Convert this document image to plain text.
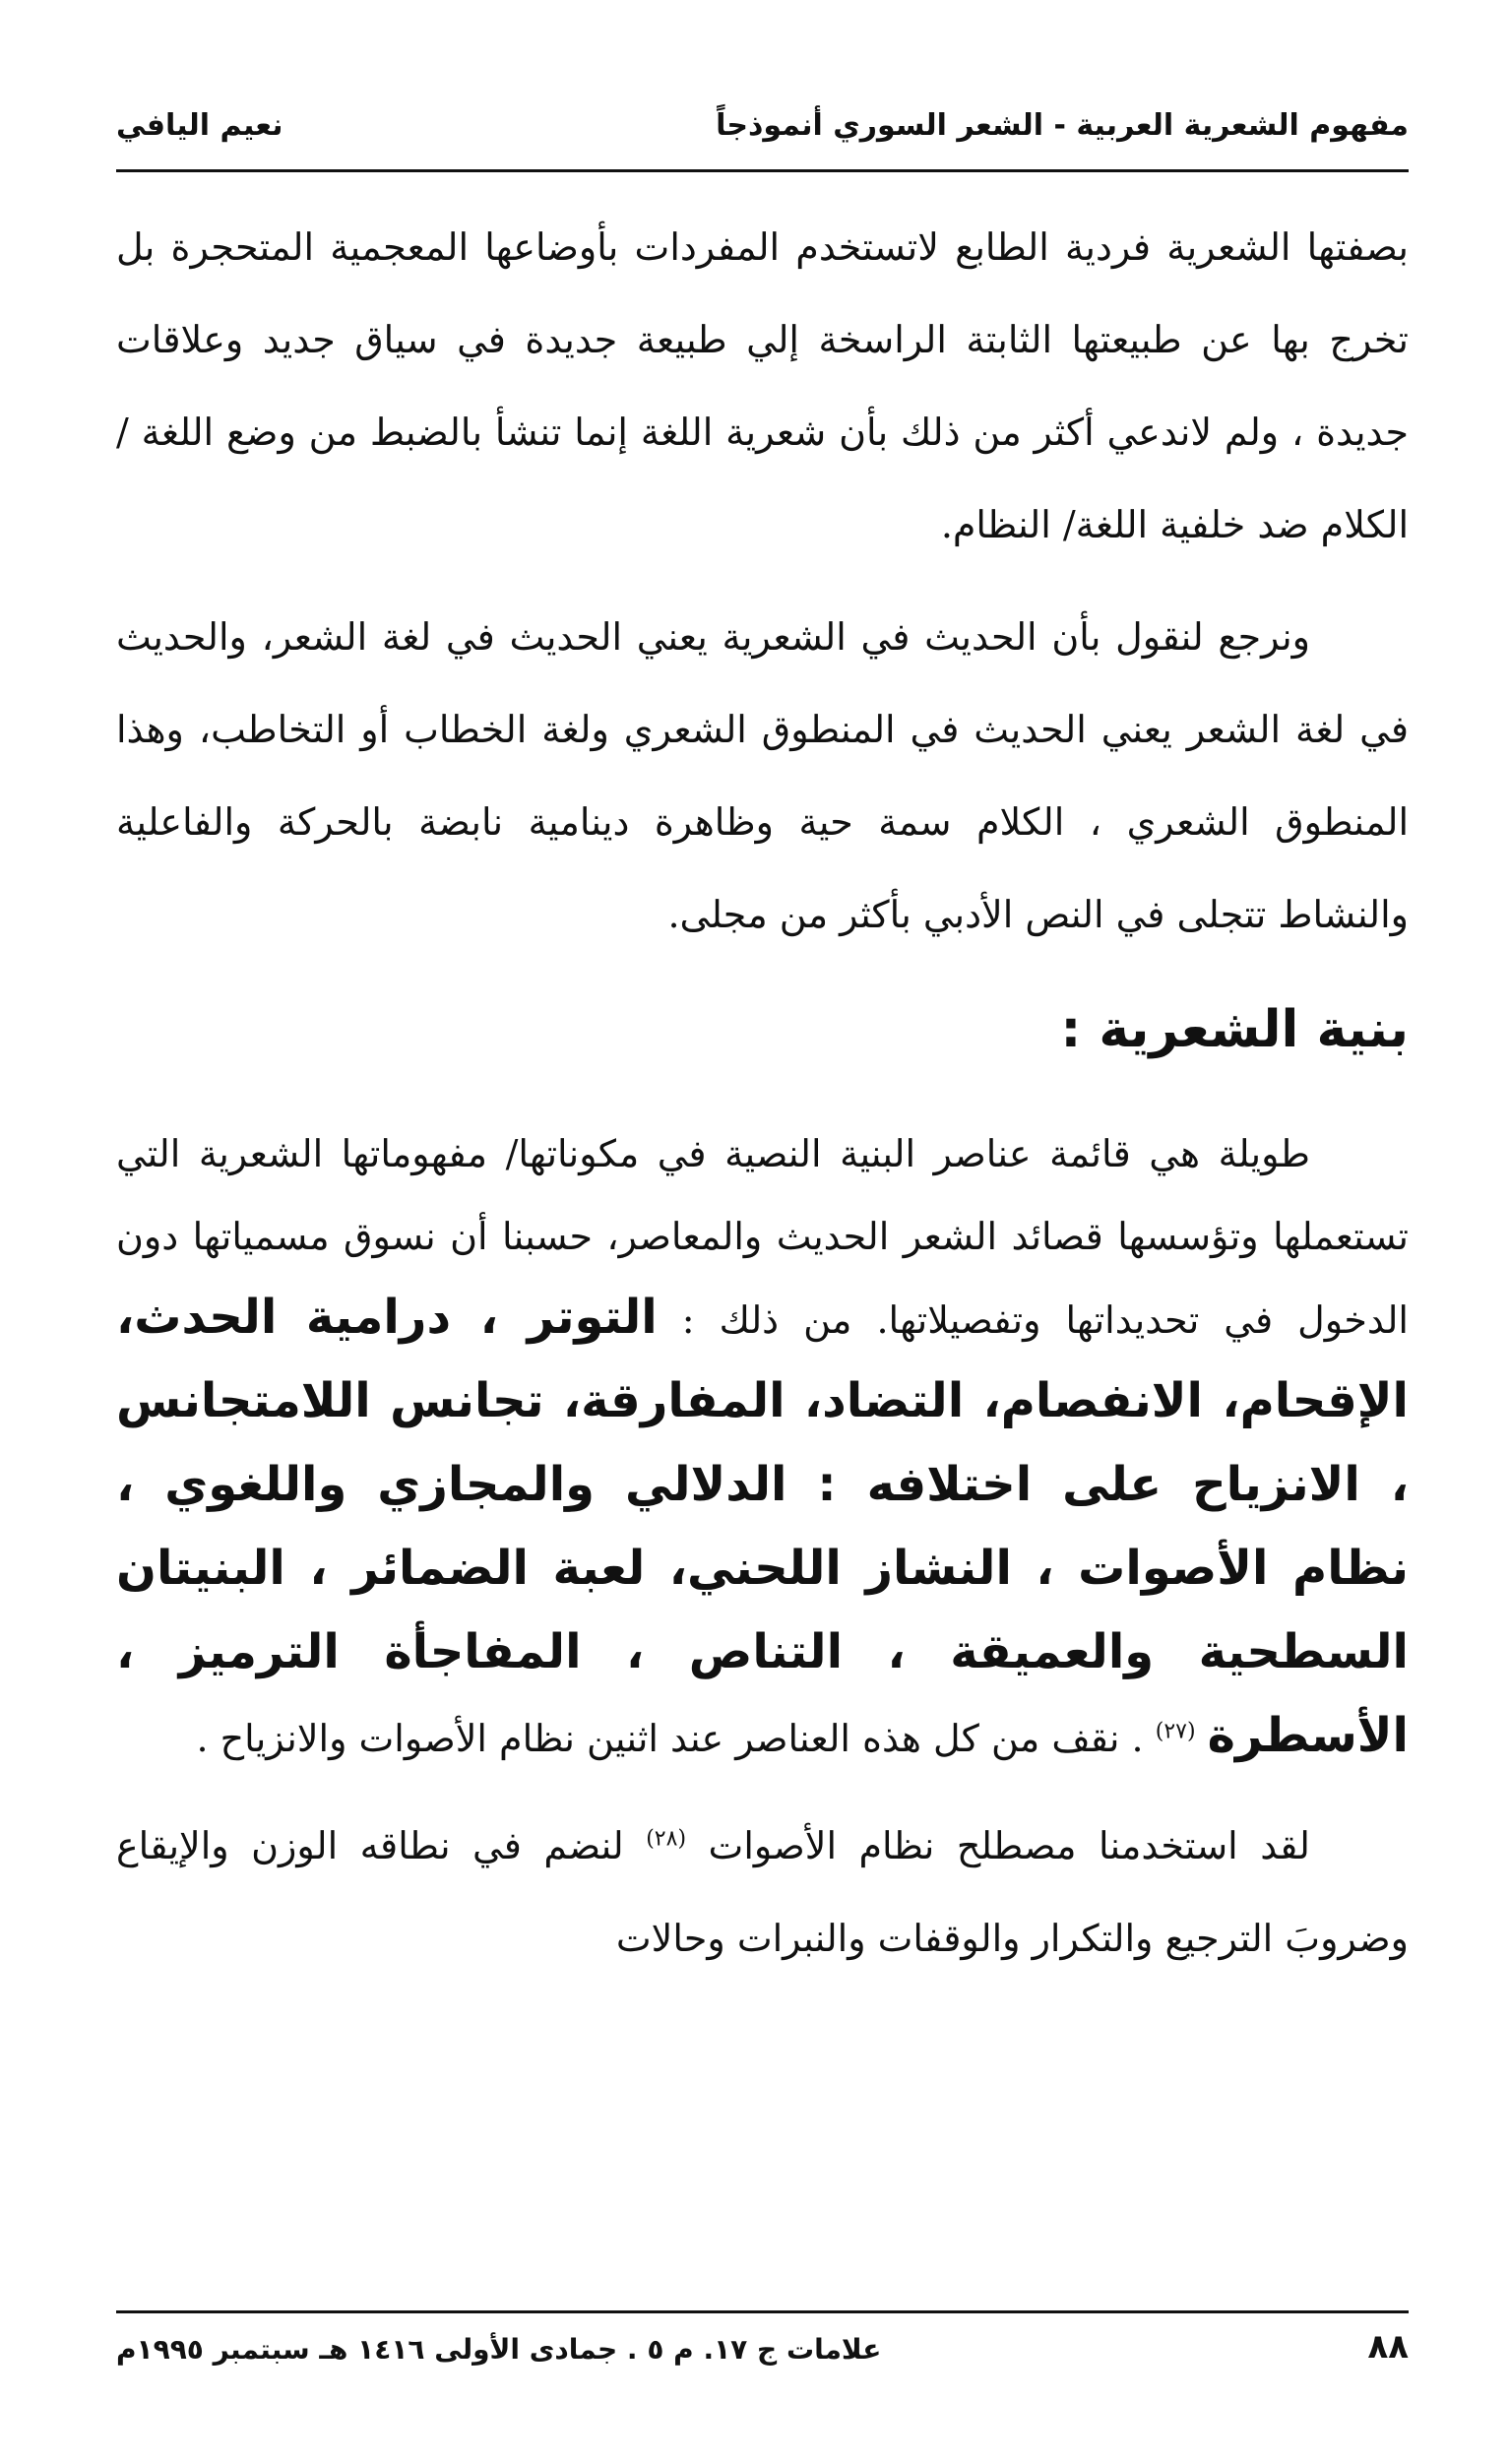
مفهوم الشعرية العربية - الشعر السوري أنموذجاً
نعيم اليافي

بصفتها الشعرية فردية الطابع لاتستخدم المفردات بأوضاعها المعجمية المتحجرة بل تخرج بها عن طبيعتها الثابتة الراسخة إلي طبيعة جديدة في سياق جديد وعلاقات جديدة ، ولم لاندعي أكثر من ذلك بأن شعرية اللغة إنما تنشأ بالضبط من وضع اللغة / الكلام ضد خلفية اللغة/ النظام.

ونرجع لنقول بأن الحديث في الشعرية يعني الحديث في لغة الشعر، والحديث في لغة الشعر يعني الحديث في المنطوق الشعري ولغة الخطاب أو التخاطب، وهذا المنطوق الشعري ، الكلام سمة حية وظاهرة دينامية نابضة بالحركة والفاعلية والنشاط تتجلى في النص الأدبي بأكثر من مجلى.

بنية الشعرية :

طويلة هي قائمة عناصر البنية النصية في مكوناتها/ مفهوماتها الشعرية التي تستعملها وتؤسسها قصائد الشعر الحديث والمعاصر، حسبنا أن نسوق مسمياتها دون الدخول في تحديداتها وتفصيلاتها. من ذلك : التوتر ، درامية الحدث، الإقحام، الانفصام، التضاد، المفارقة، تجانس اللامتجانس ، الانزياح على اختلافه : الدلالي والمجازي واللغوي ، نظام الأصوات ، النشاز اللحني، لعبة الضمائر ، البنيتان السطحية والعميقة ، التناص ، المفاجأة الترميز ، الأسطرة $^{(٢٧)}$ . نقف من كل هذه العناصر عند اثنين نظام الأصوات والانزياح .

لقد استخدمنا مصطلح نظام الأصوات $^{(٢٨)}$ لنضم في نطاقه الوزن والإيقاع وضروبَ الترجيع والتكرار والوقفات والنبرات وحالات

علامات ج ١٧. م ٥ . جمادى الأولى ١٤١٦ هـ سبتمبر ١٩٩٥م	٨٨
